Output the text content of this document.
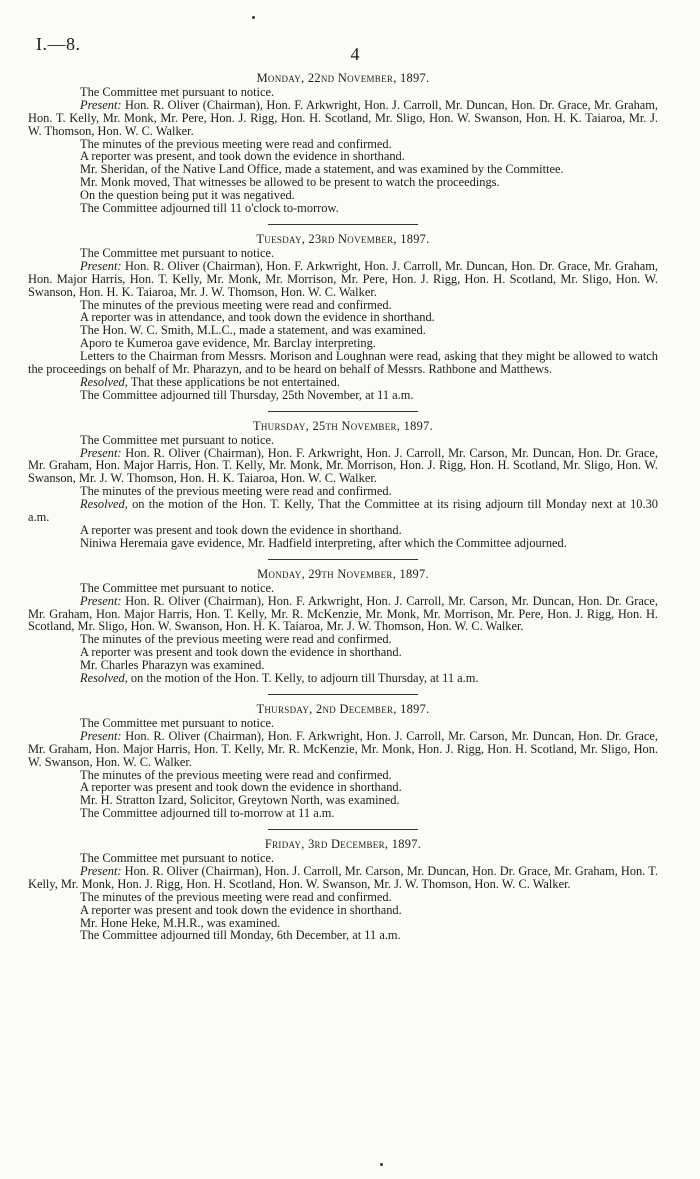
I.—8.	4
Monday, 22nd November, 1897.

The Committee met pursuant to notice.

Present: Hon. R. Oliver (Chairman), Hon. F. Arkwright, Hon. J. Carroll, Mr. Duncan, Hon. Dr. Grace, Mr. Graham, Hon. T. Kelly, Mr. Monk, Mr. Pere, Hon. J. Rigg, Hon. H. Scotland, Mr. Sligo, Hon. W. Swanson, Hon. H. K. Taiaroa, Mr. J. W. Thomson, Hon. W. C. Walker.

The minutes of the previous meeting were read and confirmed.

A reporter was present, and took down the evidence in shorthand.

Mr. Sheridan, of the Native Land Office, made a statement, and was examined by the Committee.

Mr. Monk moved, That witnesses be allowed to be present to watch the proceedings.

On the question being put it was negatived.

The Committee adjourned till 11 o'clock to-morrow.

Tuesday, 23rd November, 1897.

The Committee met pursuant to notice.

Present: Hon. R. Oliver (Chairman), Hon. F. Arkwright, Hon. J. Carroll, Mr. Duncan, Hon. Dr. Grace, Mr. Graham, Hon. Major Harris, Hon. T. Kelly, Mr. Monk, Mr. Morrison, Mr. Pere, Hon. J. Rigg, Hon. H. Scotland, Mr. Sligo, Hon. W. Swanson, Hon. H. K. Taiaroa, Mr. J. W. Thomson, Hon. W. C. Walker.

The minutes of the previous meeting were read and confirmed.

A reporter was in attendance, and took down the evidence in shorthand.

The Hon. W. C. Smith, M.L.C., made a statement, and was examined.

Aporo te Kumeroa gave evidence, Mr. Barclay interpreting.

Letters to the Chairman from Messrs. Morison and Loughnan were read, asking that they might be allowed to watch the proceedings on behalf of Mr. Pharazyn, and to be heard on behalf of Messrs. Rathbone and Matthews.

Resolved, That these applications be not entertained.

The Committee adjourned till Thursday, 25th November, at 11 a.m.

Thursday, 25th November, 1897.

The Committee met pursuant to notice.

Present: Hon. R. Oliver (Chairman), Hon. F. Arkwright, Hon. J. Carroll, Mr. Carson, Mr. Duncan, Hon. Dr. Grace, Mr. Graham, Hon. Major Harris, Hon. T. Kelly, Mr. Monk, Mr. Morrison, Hon. J. Rigg, Hon. H. Scotland, Mr. Sligo, Hon. W. Swanson, Mr. J. W. Thomson, Hon. H. K. Taiaroa, Hon. W. C. Walker.

The minutes of the previous meeting were read and confirmed.

Resolved, on the motion of the Hon. T. Kelly, That the Committee at its rising adjourn till Monday next at 10.30 a.m.

A reporter was present and took down the evidence in shorthand.

Niniwa Heremaia gave evidence, Mr. Hadfield interpreting, after which the Committee adjourned.

Monday, 29th November, 1897.

The Committee met pursuant to notice.

Present: Hon. R. Oliver (Chairman), Hon. F. Arkwright, Hon. J. Carroll, Mr. Carson, Mr. Duncan, Hon. Dr. Grace, Mr. Graham, Hon. Major Harris, Hon. T. Kelly, Mr. R. McKenzie, Mr. Monk, Mr. Morrison, Mr. Pere, Hon. J. Rigg, Hon. H. Scotland, Mr. Sligo, Hon. W. Swanson, Hon. H. K. Taiaroa, Mr. J. W. Thomson, Hon. W. C. Walker.

The minutes of the previous meeting were read and confirmed.

A reporter was present and took down the evidence in shorthand.

Mr. Charles Pharazyn was examined.

Resolved, on the motion of the Hon. T. Kelly, to adjourn till Thursday, at 11 a.m.

Thursday, 2nd December, 1897.

The Committee met pursuant to notice.

Present: Hon. R. Oliver (Chairman), Hon. F. Arkwright, Hon. J. Carroll, Mr. Carson, Mr. Duncan, Hon. Dr. Grace, Mr. Graham, Hon. Major Harris, Hon. T. Kelly, Mr. R. McKenzie, Mr. Monk, Hon. J. Rigg, Hon. H. Scotland, Mr. Sligo, Hon. W. Swanson, Hon. W. C. Walker.

The minutes of the previous meeting were read and confirmed.

A reporter was present and took down the evidence in shorthand.

Mr. H. Stratton Izard, Solicitor, Greytown North, was examined.

The Committee adjourned till to-morrow at 11 a.m.

Friday, 3rd December, 1897.

The Committee met pursuant to notice.

Present: Hon. R. Oliver (Chairman), Hon. J. Carroll, Mr. Carson, Mr. Duncan, Hon. Dr. Grace, Mr. Graham, Hon. T. Kelly, Mr. Monk, Hon. J. Rigg, Hon. H. Scotland, Hon. W. Swanson, Mr. J. W. Thomson, Hon. W. C. Walker.

The minutes of the previous meeting were read and confirmed.

A reporter was present and took down the evidence in shorthand.

Mr. Hone Heke, M.H.R., was examined.

The Committee adjourned till Monday, 6th December, at 11 a.m.
